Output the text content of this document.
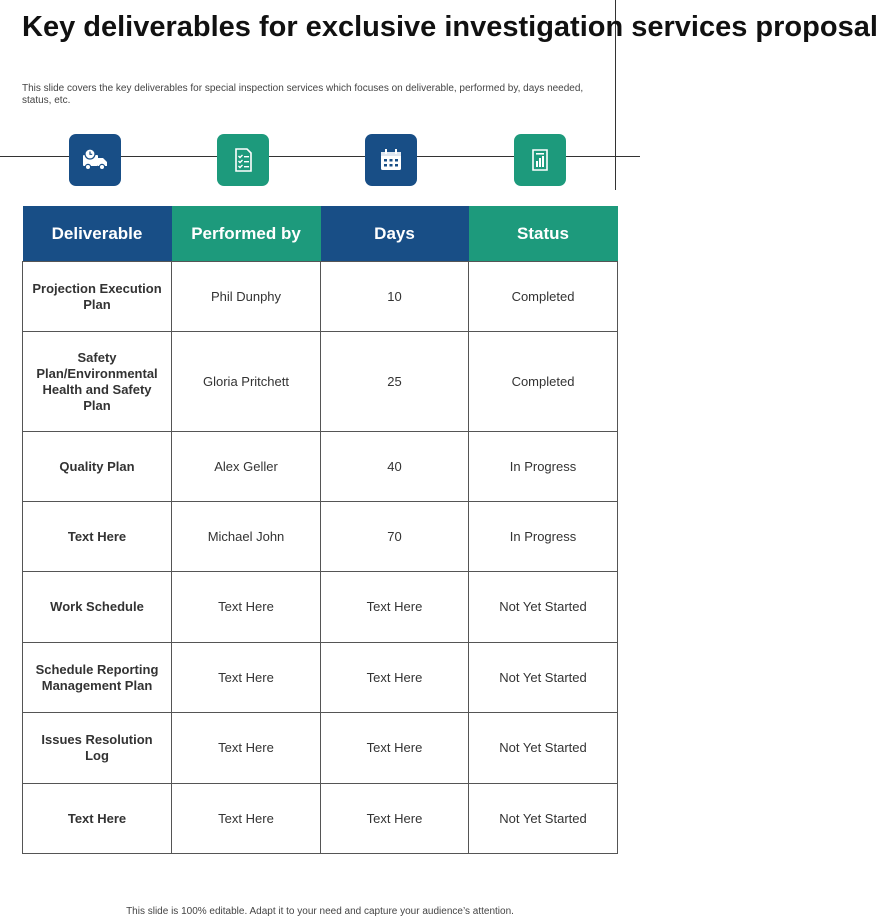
Key deliverables for exclusive investigation services proposal

This slide covers the key deliverables for special inspection services which focuses on deliverable, performed by, days needed, status, etc.

Deliverable	Performed by	Days	Status
Projection Execution Plan	Phil Dunphy	10	Completed
Safety Plan/Environmental Health and Safety Plan	Gloria Pritchett	25	Completed
Quality Plan	Alex Geller	40	In Progress
Text Here	Michael John	70	In Progress
Work Schedule	Text Here	Text Here	Not Yet Started
Schedule Reporting Management Plan	Text Here	Text Here	Not Yet Started
Issues Resolution Log	Text Here	Text Here	Not Yet Started
Text Here	Text Here	Text Here	Not Yet Started
This slide is 100% editable. Adapt it to your need and capture your audience’s attention.
